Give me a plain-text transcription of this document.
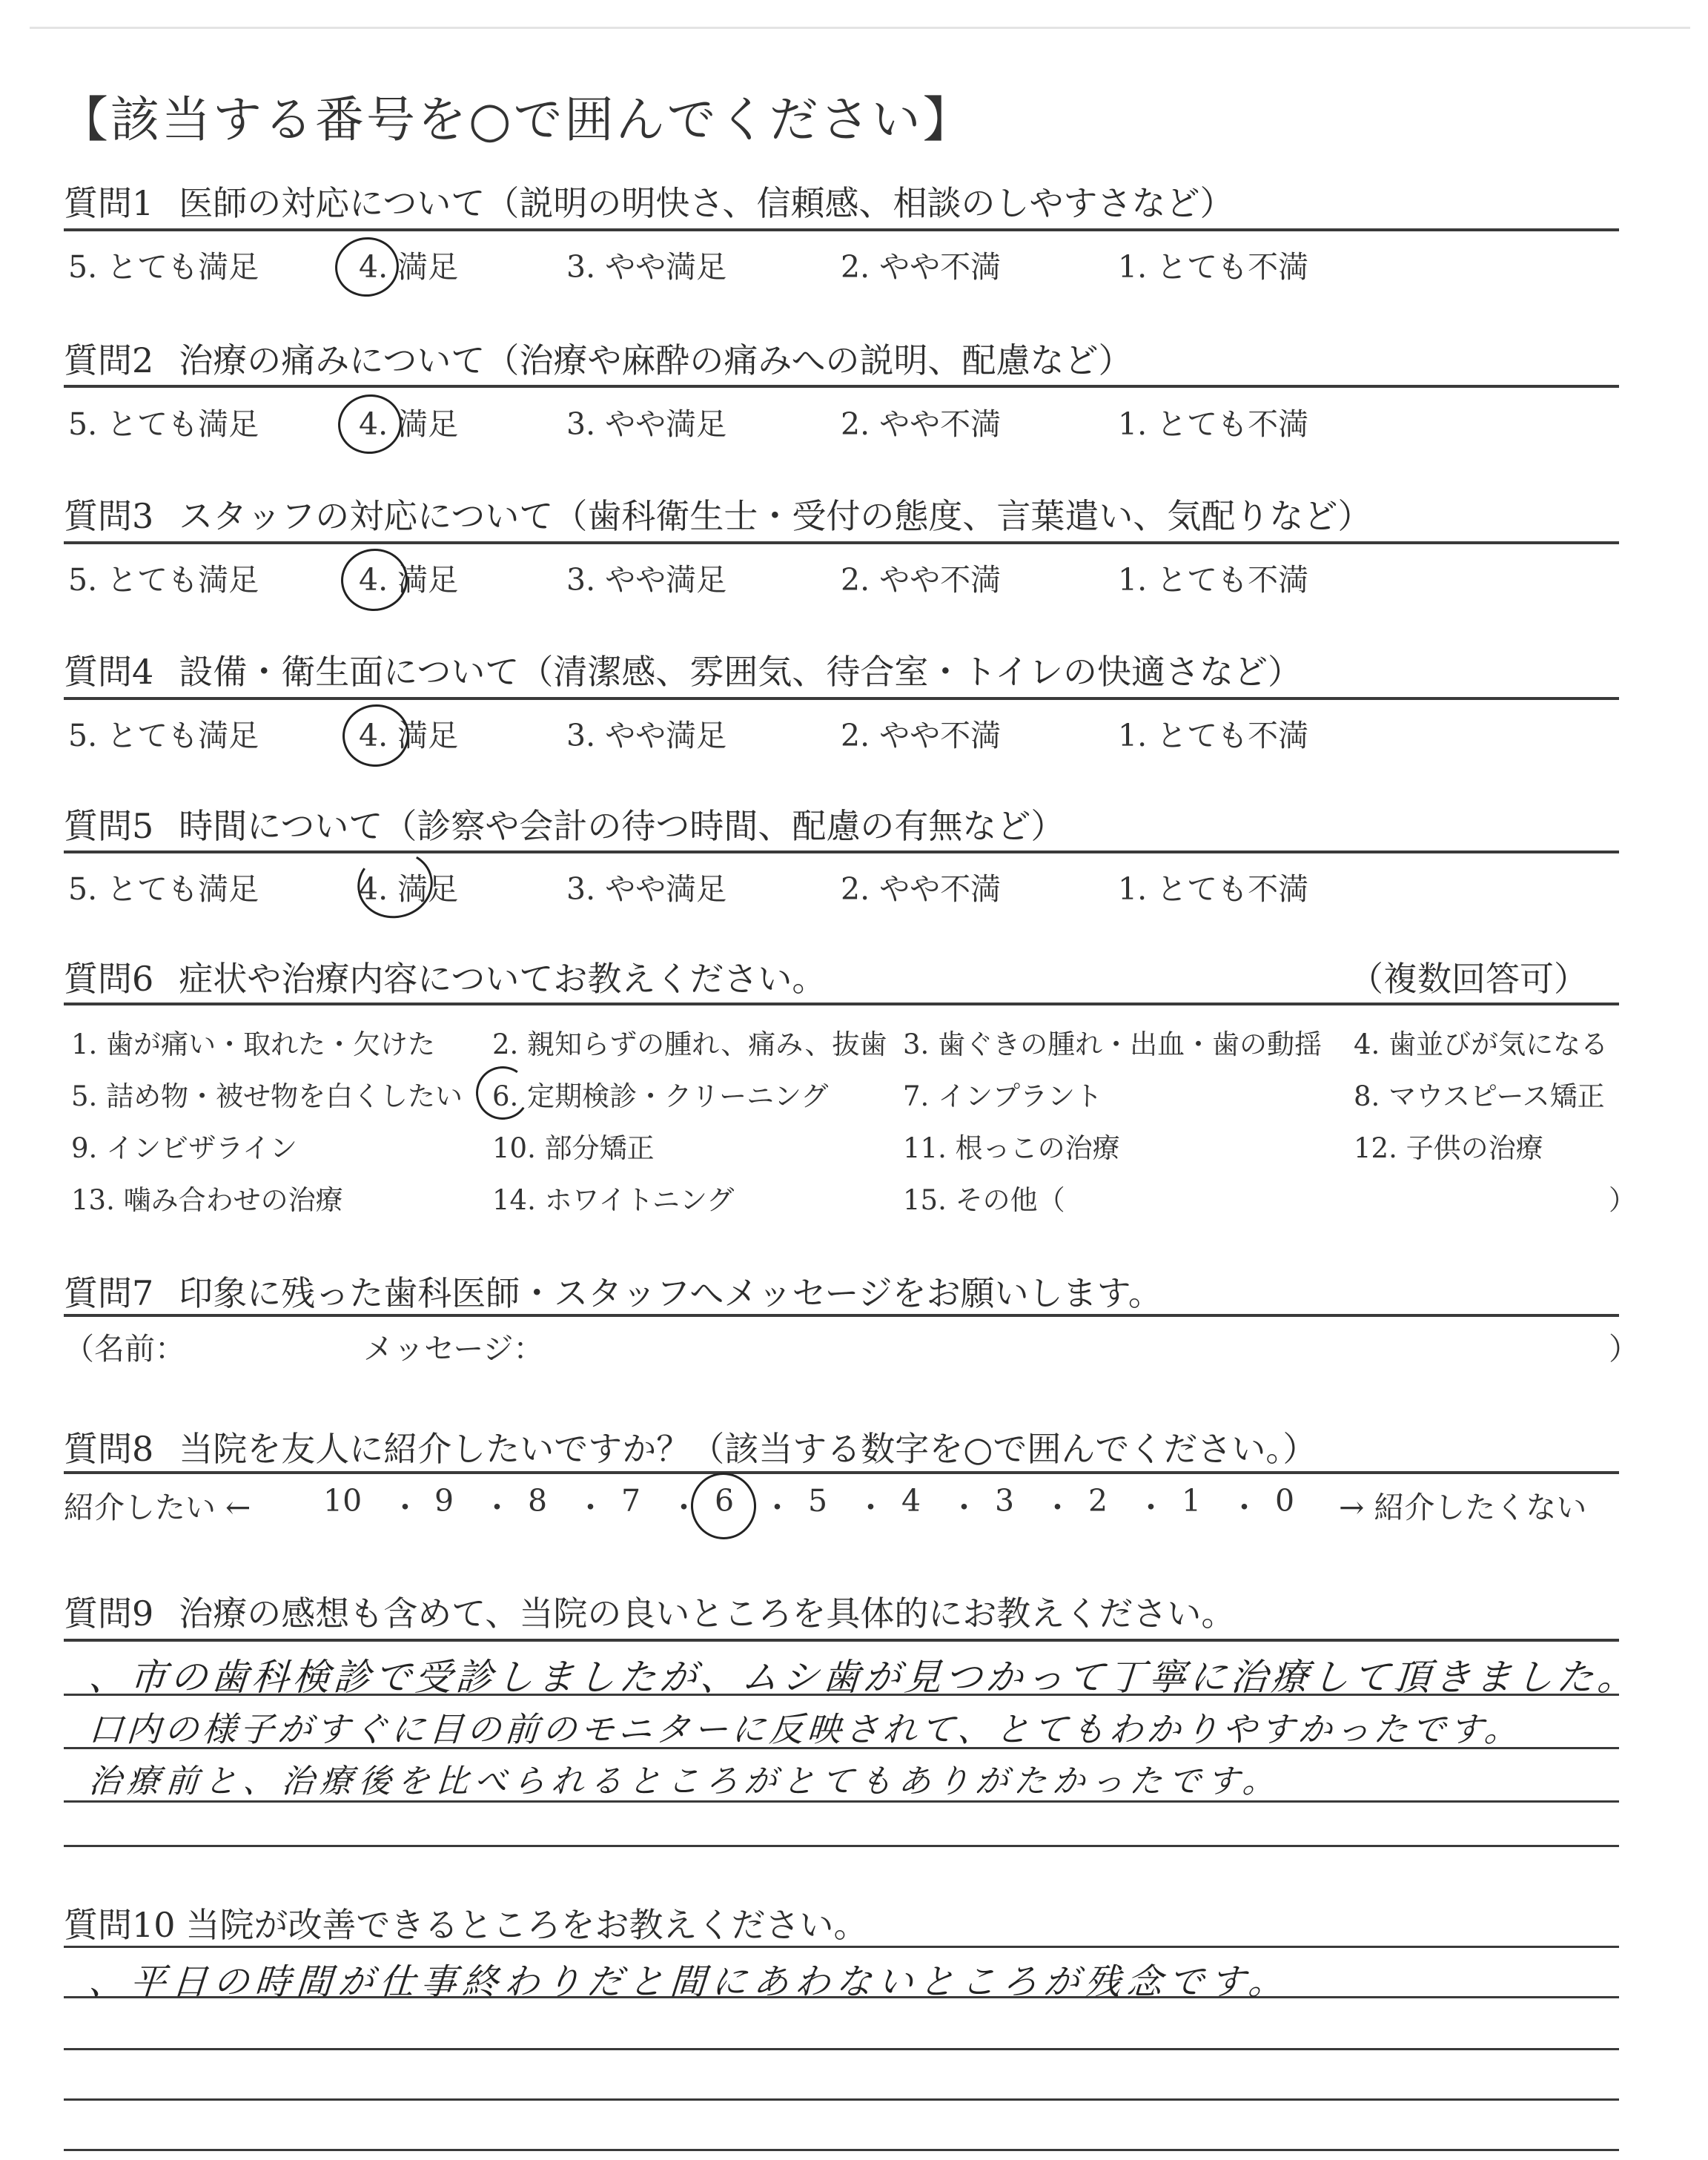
【該当する番号を○で囲んでください】
質問1 医師の対応について（説明の明快さ、信頼感、相談のしやすさなど）
5. とても満足	4. 満足	3. やや満足	2. やや不満	1. とても不満
質問2 治療の痛みについて（治療や麻酔の痛みへの説明、配慮など）
5. とても満足	4. 満足	3. やや満足	2. やや不満	1. とても不満
質問3 スタッフの対応について（歯科衛生士・受付の態度、言葉遣い、気配りなど）
5. とても満足	4. 満足	3. やや満足	2. やや不満	1. とても不満
質問4 設備・衛生面について（清潔感、雰囲気、待合室・トイレの快適さなど）
5. とても満足	4. 満足	3. やや満足	2. やや不満	1. とても不満
質問5 時間について（診察や会計の待つ時間、配慮の有無など）
5. とても満足	4. 満足	3. やや満足	2. やや不満	1. とても不満
質問6 症状や治療内容についてお教えください。	（複数回答可）
1. 歯が痛い・取れた・欠けた 2. 親知らずの腫れ、痛み、抜歯 3. 歯ぐきの腫れ・出血・歯の動揺 4. 歯並びが気になる
5. 詰め物・被せ物を白くしたい 6. 定期検診・クリーニング	7. インプラント	8. マウスピース矯正
9. インビザライン	10. 部分矯正	11. 根っこの治療	12. 子供の治療
13. 噛み合わせの治療	14. ホワイトニング	15. その他（	）
質問7 印象に残った歯科医師・スタッフへメッセージをお願いします。
（名前：	メッセージ：	）
質問8 当院を友人に紹介したいですか？（該当する数字を○で囲んでください。）
紹介したい ←	→ 紹介したくない
10 9 8 7 6 5 4 3 2 1 0
・ ・ ・ ・ ・ ・ ・ ・ ・ ・
質問9 治療の感想も含めて、当院の良いところを具体的にお教えください。
、市の歯科検診で受診しましたが、ムシ歯が見つかって丁寧に治療して頂きました。
口内の様子がすぐに目の前のモニターに反映されて、とてもわかりやすかったです。
治療前と、治療後を比べられるところがとてもありがたかったです。
質問10 当院が改善できるところをお教えください。
、平日の時間が仕事終わりだと間にあわないところが残念です。
